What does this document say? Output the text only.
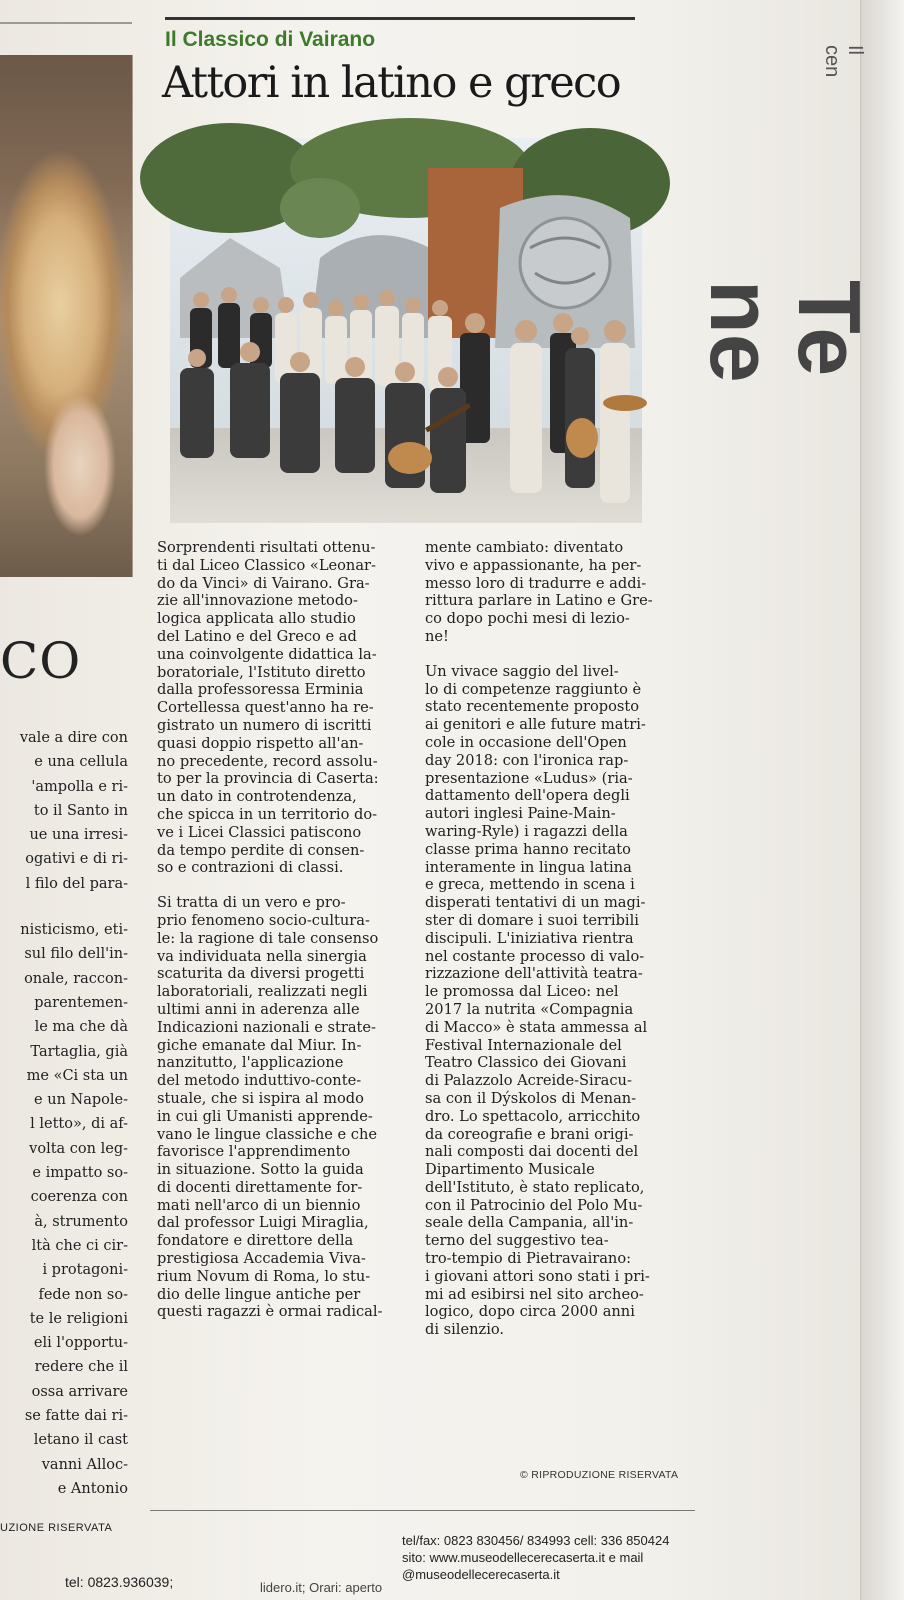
CO
vale a dire con
e una cellula
'ampolla e ri-
to il Santo in
ue una irresi-
ogativi e di ri-
l filo del para-
nisticismo, eti-
sul filo dell'in-
onale, raccon-
parentemen-
le ma che dà
Tartaglia, già
me «Ci sta un
e un Napole-
l letto», di af-
volta con leg-
e impatto so-
coerenza con
à, strumento
ltà che ci cir-
i protagoni-
fede non so-
te le religioni
eli l'opportu-
redere che il
ossa arrivare
se fatte dai ri-
letano il cast
vanni Alloc-
e Antonio
UZIONE RISERVATA
Il Classico di Vairano
Attori in latino e greco
Sorprendenti risultati ottenu-
ti dal Liceo Classico «Leonar-
do da Vinci» di Vairano. Gra-
zie all'innovazione metodo-
logica applicata allo studio
del Latino e del Greco e ad
una coinvolgente didattica la-
boratoriale, l'Istituto diretto
dalla professoressa Erminia
Cortellessa quest'anno ha re-
gistrato un numero di iscritti
quasi doppio rispetto all'an-
no precedente, record assolu-
to per la provincia di Caserta:
un dato in controtendenza,
che spicca in un territorio do-
ve i Licei Classici patiscono
da tempo perdite di consen-
so e contrazioni di classi.
Si tratta di un vero e pro-
prio fenomeno socio-cultura-
le: la ragione di tale consenso
va individuata nella sinergia
scaturita da diversi progetti
laboratoriali, realizzati negli
ultimi anni in aderenza alle
Indicazioni nazionali e strate-
giche emanate dal Miur. In-
nanzitutto, l'applicazione
del metodo induttivo-conte-
stuale, che si ispira al modo
in cui gli Umanisti apprende-
vano le lingue classiche e che
favorisce l'apprendimento
in situazione. Sotto la guida
di docenti direttamente for-
mati nell'arco di un biennio
dal professor Luigi Miraglia,
fondatore e direttore della
prestigiosa Accademia Viva-
rium Novum di Roma, lo stu-
dio delle lingue antiche per
questi ragazzi è ormai radical-
mente cambiato: diventato
vivo e appassionante, ha per-
messo loro di tradurre e addi-
rittura parlare in Latino e Gre-
co dopo pochi mesi di lezio-
ne!
Un vivace saggio del livel-
lo di competenze raggiunto è
stato recentemente proposto
ai genitori e alle future matri-
cole in occasione dell'Open
day 2018: con l'ironica rap-
presentazione «Ludus» (ria-
dattamento dell'opera degli
autori inglesi Paine-Main-
waring-Ryle) i ragazzi della
classe prima hanno recitato
interamente in lingua latina
e greca, mettendo in scena i
disperati tentativi di un magi-
ster di domare i suoi terribili
discipuli. L'iniziativa rientra
nel costante processo di valo-
rizzazione dell'attività teatra-
le promossa dal Liceo: nel
2017 la nutrita «Compagnia
di Macco» è stata ammessa al
Festival Internazionale del
Teatro Classico dei Giovani
di Palazzolo Acreide-Siracu-
sa con il Dýskolos di Menan-
dro. Lo spettacolo, arricchito
da coreografie e brani origi-
nali composti dai docenti del
Dipartimento Musicale
dell'Istituto, è stato replicato,
con il Patrocinio del Polo Mu-
seale della Campania, all'in-
terno del suggestivo tea-
tro-tempio di Pietravairano:
i giovani attori sono stati i pri-
mi ad esibirsi nel sito archeo-
logico, dopo circa 2000 anni
di silenzio.
© RIPRODUZIONE RISERVATA
tel: 0823.936039;	lidero.it; Orari: aperto
tel/fax: 0823 830456/ 834993 cell: 336 850424
sito: www.museodellecerecaserta.it e mail
@museodellecerecaserta.it
Il cen
Te ne
